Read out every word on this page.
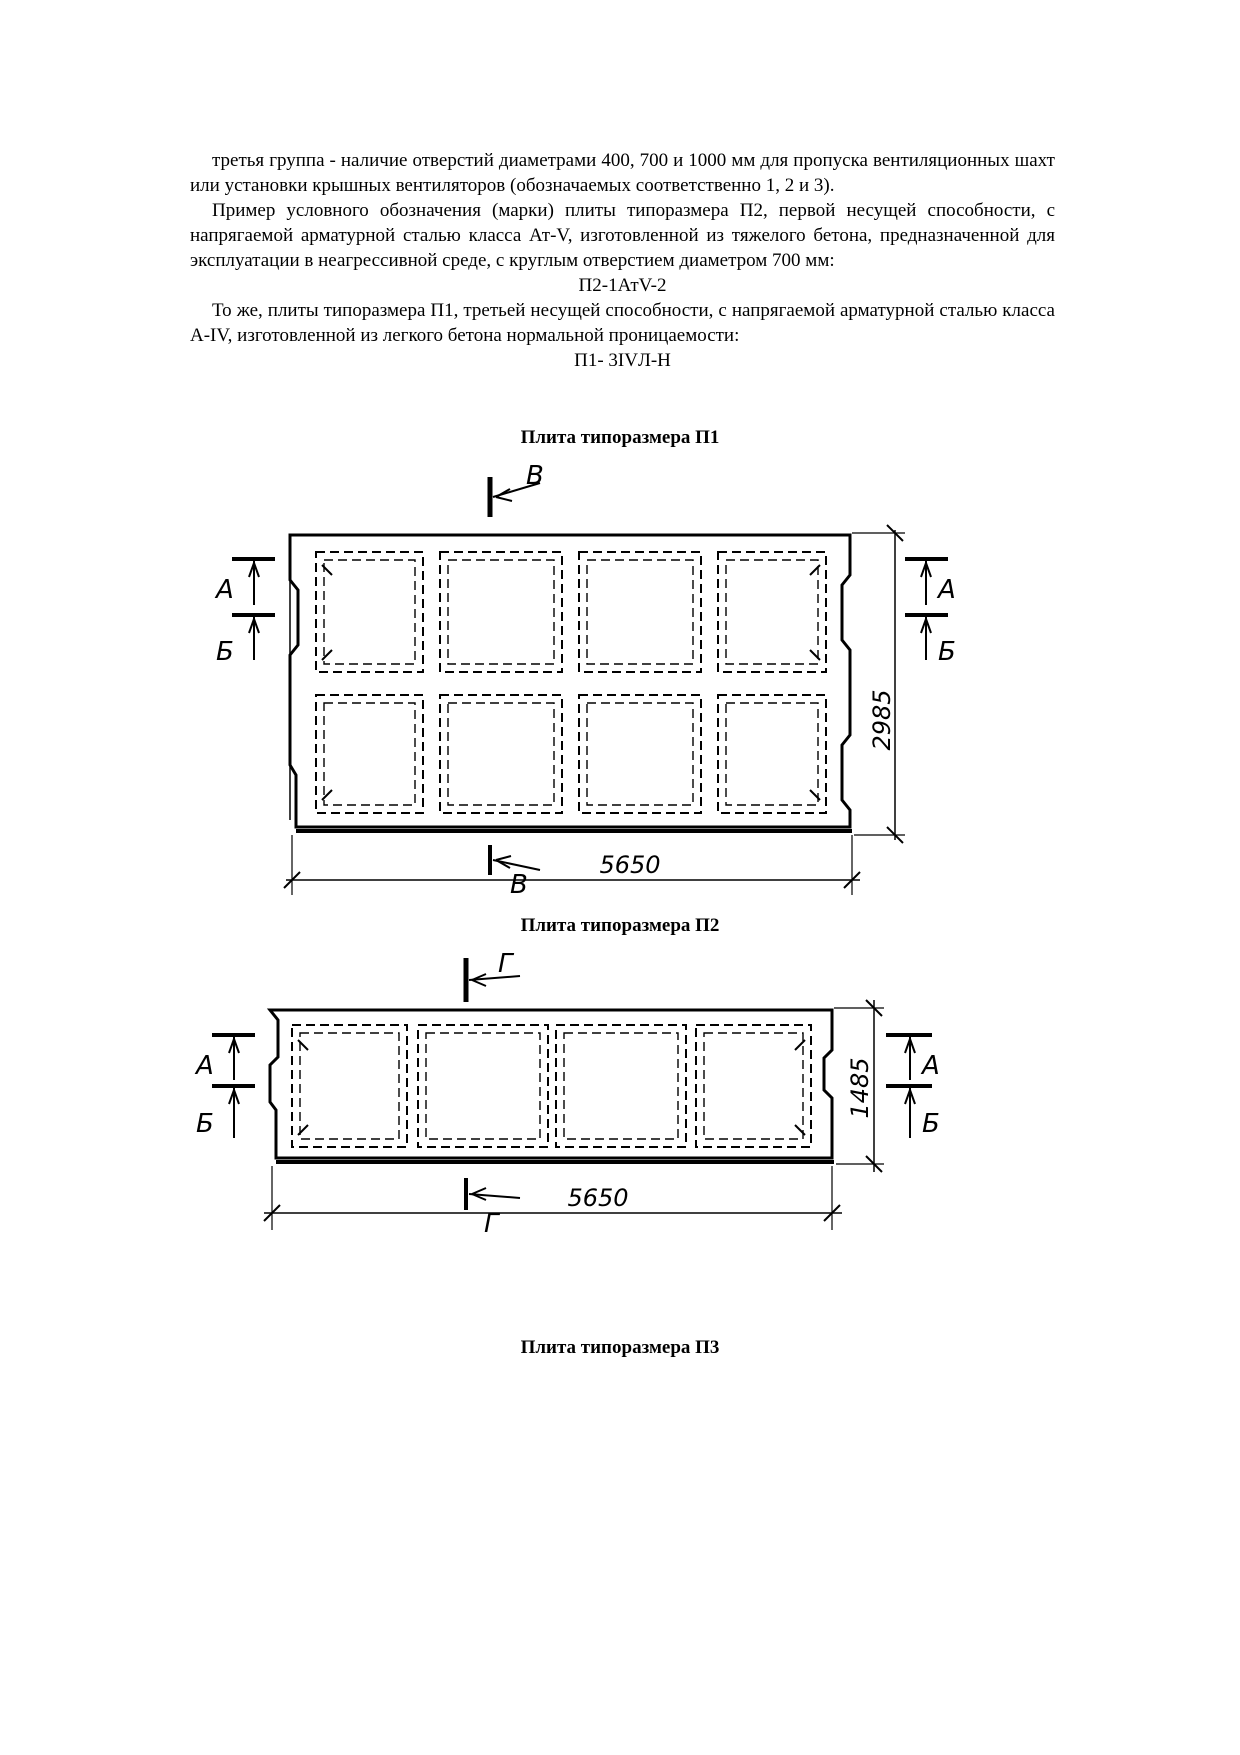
третья группа - наличие отверстий диаметрами 400, 700 и 1000 мм для пропуска вентиляционных шахт или установки крышных вентиляторов (обозначаемых соответственно 1, 2 и 3).

Пример условного обозначения (марки) плиты типоразмера П2, первой несущей способности, с напрягаемой арматурной сталью класса Ат-V, изготовленной из тяжелого бетона, предназначенной для эксплуатации в неагрессивной среде, с круглым отверстием диаметром 700 мм:

П2-1АтV-2

То же, плиты типоразмера П1, третьей несущей способности, с напрягаемой арматурной сталью класса A-IV, изготовленной из легкого бетона нормальной проницаемости:

П1- 3IVЛ-Н

Плита типоразмера П1
В
В
А
Б
А
Б
2985
5650
Плита типоразмера П2
Г
Г
А
Б
А
Б
1485
5650
Плита типоразмера П3
